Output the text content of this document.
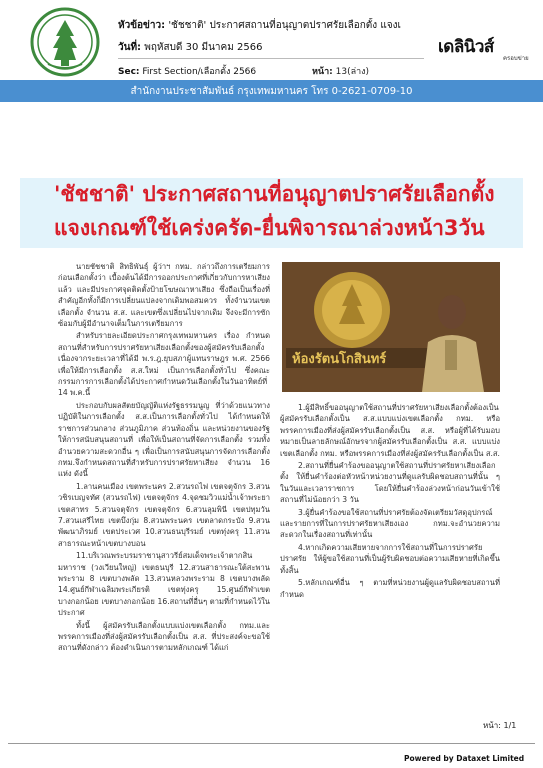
หัวข้อข่าว: 'ชัชชาติ' ประกาศสถานที่อนุญาตปราศรัยเลือกตั้ง แจงเ
วันที่: พฤหัสบดี 30 มีนาคม 2566
Sec: First Section/เลือกตั้ง 2566	หน้า: 13(ล่าง)
เดลินิวส์
ครอบข่าย
สำนักงานประชาสัมพันธ์ กรุงเทพมหานคร โทร 0-2621-0709-10
'ชัชชาติ' ประกาศสถานที่อนุญาตปราศรัยเลือกตั้ง
แจงเกณฑ์ใช้เคร่งครัด-ยื่นพิจารณาล่วงหน้า3วัน

นายชัชชาติ สิทธิพันธุ์ ผู้ว่าฯ กทม. กล่าวถึงการเตรียมการก่อนเลือกตั้งว่า เบื้องต้นได้มีการออกประกาศที่เกี่ยวกับการหาเสียงแล้ว และมีประกาศจุดติดตั้งป้ายโฆษณาหาเสียง ซึ่งถือเป็นเรื่องที่สำคัญอีกทั้งก็มีการเปลี่ยนแปลงจากเดิมพอสมควร ทั้งจำนวนเขตเลือกตั้ง จำนวน ส.ส. และเขตซึ่งเปลี่ยนไปจากเดิม จึงจะมีการซักซ้อมกับผู้มีอำนาจเต็มในการเตรียมการ

สำหรับรายละเอียดประกาศกรุงเทพมหานคร เรื่อง กำหนดสถานที่สำหรับการปราศรัยหาเสียงเลือกตั้งของผู้สมัครรับเลือกตั้งเนื่องจากระยะเวลาที่ได้มี พ.ร.ฎ.ยุบสภาผู้แทนราษฎร พ.ศ. 2566 เพื่อให้มีการเลือกตั้ง ส.ส.ใหม่ เป็นการเลือกตั้งทั่วไป ซึ่งคณะกรรมการการเลือกตั้งได้ประกาศกำหนดวันเลือกตั้งในวันอาทิตย์ที่ 14 พ.ค.นี้

ประกอบกับผลสัตยบัญญัติแห่งรัฐธรรมนูญ ที่ว่าด้วยแนวทางปฏิบัติในการเลือกตั้ง ส.ส.เป็นการเลือกตั้งทั่วไป ได้กำหนดให้ราชการส่วนกลาง ส่วนภูมิภาค ส่วนท้องถิ่น และหน่วยงานของรัฐให้การสนับสนุนสถานที่ เพื่อให้เป็นสถานที่จัดการเลือกตั้ง รวมทั้งอำนวยความสะดวกอื่น ๆ เพื่อเป็นการสนับสนุนการจัดการเลือกตั้ง กทม.จึงกำหนดสถานที่สำหรับการปราศรัยหาเสียง จำนวน 16 แห่ง ดังนี้

1.ลานคนเมือง เขตพระนคร 2.สวนรถไฟ เขตจตุจักร 3.สวนวชิรเบญจทัศ (สวนรถไฟ) เขตจตุจักร 4.จุดชมวิวแม่น้ำเจ้าพระยา เขตสาทร 5.สวนจตุจักร เขตจตุจักร 6.สวนลุมพินี เขตปทุมวัน 7.สวนเสรีไทย เขตบึงกุ่ม 8.สวนพระนคร เขตลาดกระบัง 9.สวนพัฒนาภิรมย์ เขตประเวศ 10.สวนธนบุรีรมย์ เขตทุ่งครุ 11.สวนสาธารณะหน้าเขตบางบอน

11.บริเวณพระบรมราชานุสาวรีย์สมเด็จพระเจ้าตากสินมหาราช (วงเวียนใหญ่) เขตธนบุรี 12.สวนสาธารณะใต้สะพานพระราม 8 เขตบางพลัด 13.สวนหลวงพระราม 8 เขตบางพลัด 14.ศูนย์กีฬาเฉลิมพระเกียรติ เขตทุ่งครุ 15.ศูนย์กีฬาเขตบางกอกน้อย เขตบางกอกน้อย 16.สถานที่อื่นๆ ตามที่กำหนดไว้ในประกาศ

ทั้งนี้ ผู้สมัครรับเลือกตั้งแบบแบ่งเขตเลือกตั้ง กทม.และพรรคการเมืองที่ส่งผู้สมัครรับเลือกตั้งเป็น ส.ส. ที่ประสงค์จะขอใช้สถานที่ดังกล่าว ต้องดำเนินการตามหลักเกณฑ์ ได้แก่

ห้องรัตนโกสินทร์

1.ผู้มีสิทธิ์ขออนุญาตใช้สถานที่ปราศรัยหาเสียงเลือกตั้งต้องเป็นผู้สมัครรับเลือกตั้งเป็น ส.ส.แบบแบ่งเขตเลือกตั้ง กทม. หรือพรรคการเมืองที่ส่งผู้สมัครรับเลือกตั้งเป็น ส.ส. หรือผู้ที่ได้รับมอบหมายเป็นลายลักษณ์อักษรจากผู้สมัครรับเลือกตั้งเป็น ส.ส. แบบแบ่งเขตเลือกตั้ง กทม. หรือพรรคการเมืองที่ส่งผู้สมัครรับเลือกตั้งเป็น ส.ส.

2.สถานที่ยื่นคำร้องขออนุญาตใช้สถานที่ปราศรัยหาเสียงเลือกตั้ง ให้ยื่นคำร้องต่อหัวหน้าหน่วยงานที่ดูแลรับผิดชอบสถานที่นั้น ๆ ในวันและเวลาราชการ โดยให้ยื่นคำร้องล่วงหน้าก่อนวันเข้าใช้สถานที่ไม่น้อยกว่า 3 วัน

3.ผู้ยื่นคำร้องขอใช้สถานที่ปราศรัยต้องจัดเตรียมวัสดุอุปกรณ์และรายการที่ในการปราศรัยหาเสียงเอง กทม.จะอำนวยความสะดวกในเรื่องสถานที่เท่านั้น

4.หากเกิดความเสียหายจากการใช้สถานที่ในการปราศรัยปราศรัย ให้ผู้ขอใช้สถานที่เป็นผู้รับผิดชอบต่อความเสียหายที่เกิดขึ้นทั้งสิ้น

5.หลักเกณฑ์อื่น ๆ ตามที่หน่วยงานผู้ดูแลรับผิดชอบสถานที่กำหนด

หน้า: 1/1
Powered by Dataxet Limited
